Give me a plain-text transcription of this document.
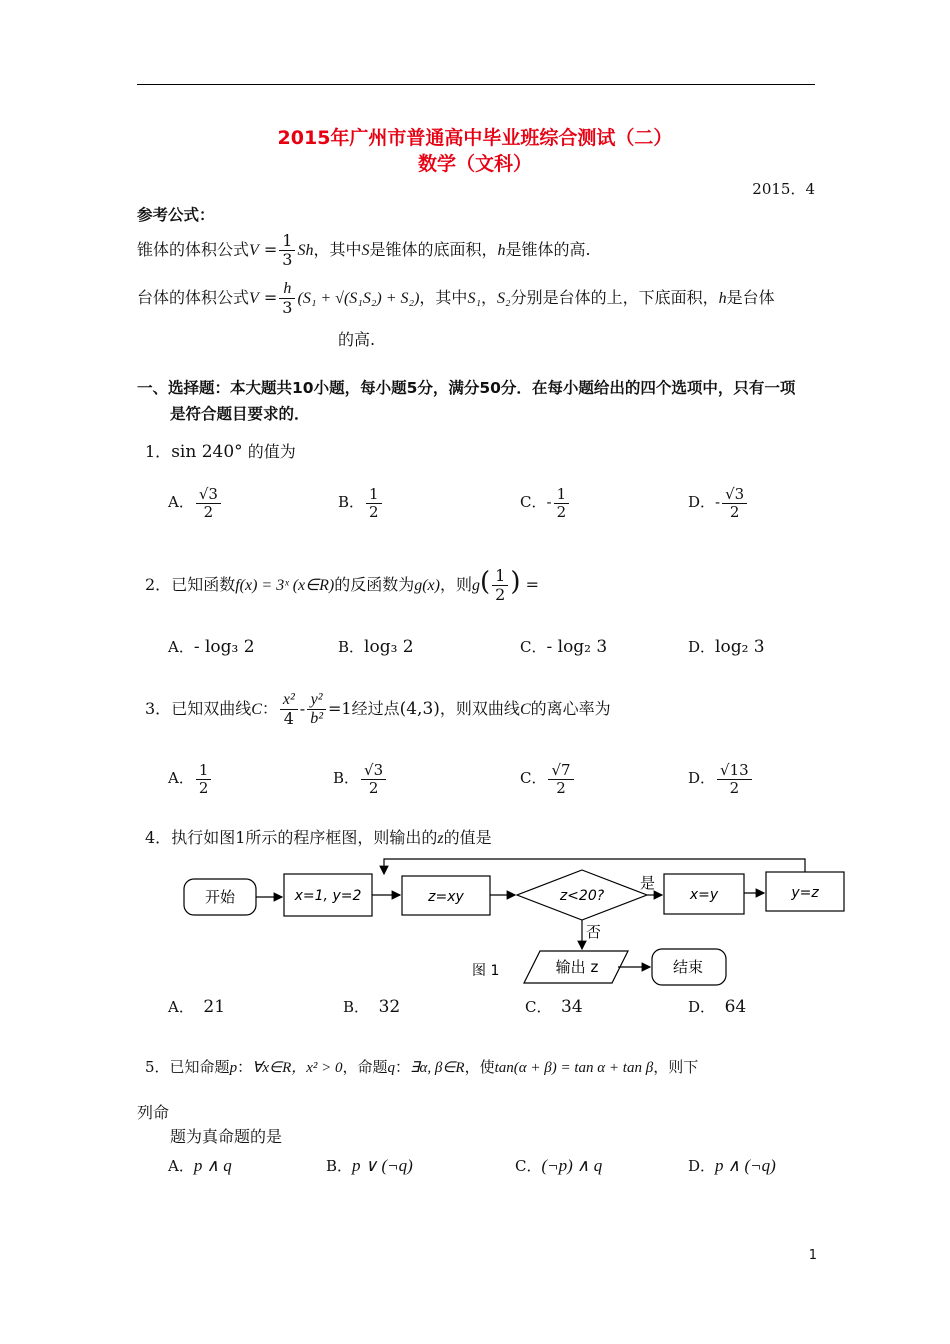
2015年广州市普通高中毕业班综合测试（二）
数学（文科）
2015．4
参考公式：
锥体的体积公式$V = \frac{1}{3}$ Sh，其中S是锥体的底面积，h是锥体的高.
台体的体积公式$V = \frac{h}{3} (S_1 + √(S_1S_2) + S_2)$，其中S₁，S₂分别是台体的上，下底面积，h是台体
的高.
一、选择题：本大题共10小题，每小题5分，满分50分．在每小题给出的四个选项中，只有一项
是符合题目要求的．
1．sin 240° 的值为
A． $\frac{√3}{2}$	B． $\frac{1}{2}$	C．- $\frac{1}{2}$	D．- $\frac{√3}{2}$
2．已知函数f(x) = 3ˣ (x∈R)的反函数为g(x)，则$g( \frac{1}{2}$ ) =
A．- log₃ 2	B．log₃ 2	C．- log₂ 3	D．log₂ 3
3．已知双曲线C： $\frac{\text{x²}}{4} - \frac{\text{y²}}{\text{b²}} =1$经过点(4,3)，则双曲线C的离心率为
A． $\frac{1}{2}$	B． $\frac{√3}{2}$	C． $\frac{√7}{2}$	D． $\frac{√13}{2}$
4．执行如图1所示的程序框图，则输出的z的值是
开始	x=1, y=2	z=xy	z<20?
是
否
x=y	y=z
输出 z	结束
图 1
A． 21	B． 32	C． 34	D． 64
5．已知命题p：∀x∈R，x² > 0，命题q：∃α, β∈R，使tan(α + β) = tan α + tan β，则下
列命
题为真命题的是
A．p ∧ q	B．p ∨ (¬q)	C．(¬p) ∧ q	D．p ∧ (¬q)
1
